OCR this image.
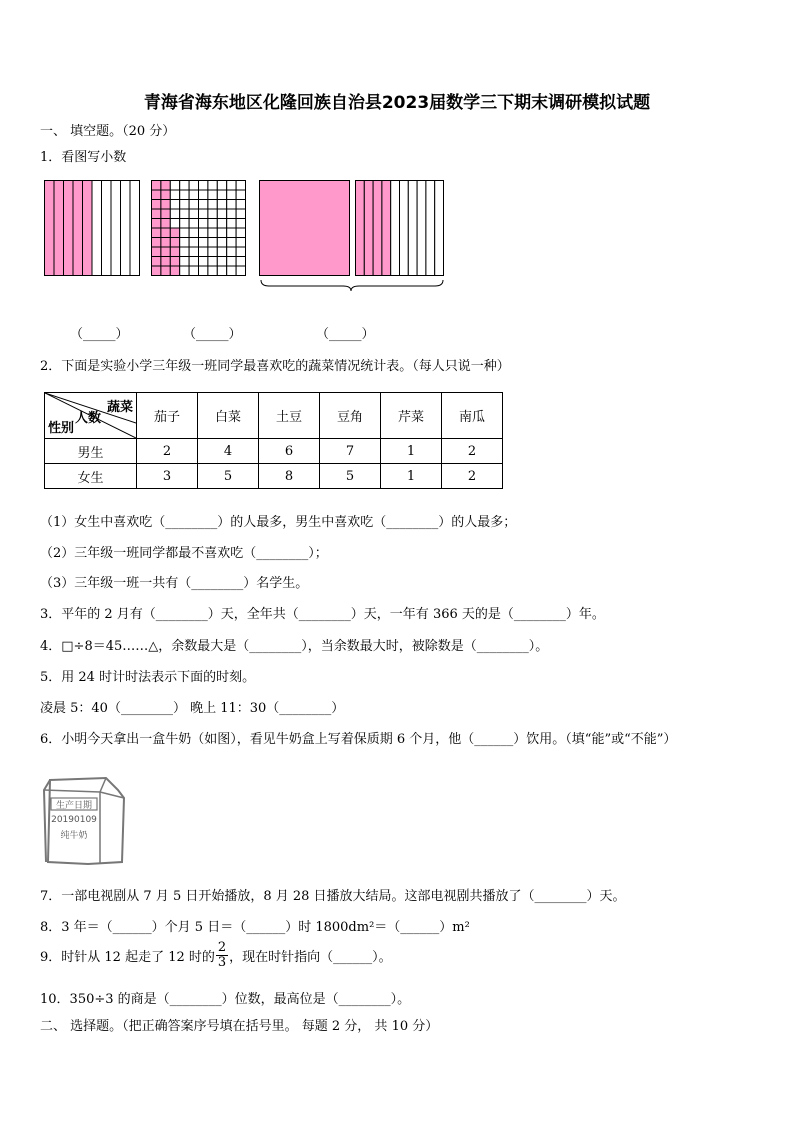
青海省海东地区化隆回族自治县2023届数学三下期末调研模拟试题
一、 填空题。（20 分）
1．看图写小数
（_____）	（_____）	（_____）
2．下面是实验小学三年级一班同学最喜欢吃的蔬菜情况统计表。（每人只说一种）
蔬菜
人数
性别	茄子	白菜	土豆	豆角	芹菜	南瓜
男生	2	4	6	7	1	2
女生	3	5	8	5	1	2
（1）女生中喜欢吃（________）的人最多，男生中喜欢吃（________）的人最多；
（2）三年级一班同学都最不喜欢吃（________）；
（3）三年级一班一共有（________）名学生。
3．平年的 2 月有（________）天，全年共（________）天，一年有 366 天的是（________）年。
4．□÷8＝45……△，余数最大是（________），当余数最大时，被除数是（________）。
5．用 24 时计时法表示下面的时刻。
凌晨 5：40（________） 晚上 11：30（________）
6．小明今天拿出一盒牛奶（如图），看见牛奶盒上写着保质期 6 个月，他（______）饮用。（填“能”或“不能”）
生产日期
20190109
纯牛奶
7．一部电视剧从 7 月 5 日开始播放，8 月 28 日播放大结局。这部电视剧共播放了（________）天。
8．3 年＝（______）个月 5 日＝（______）时 1800dm²＝（______）m²
9．时针从 12 起走了 12 时的 $\frac{2}{3}$ ，现在时针指向（______）。
10．350÷3 的商是（________）位数，最高位是（________）。
二、 选择题。（把正确答案序号填在括号里。 每题 2 分， 共 10 分）
